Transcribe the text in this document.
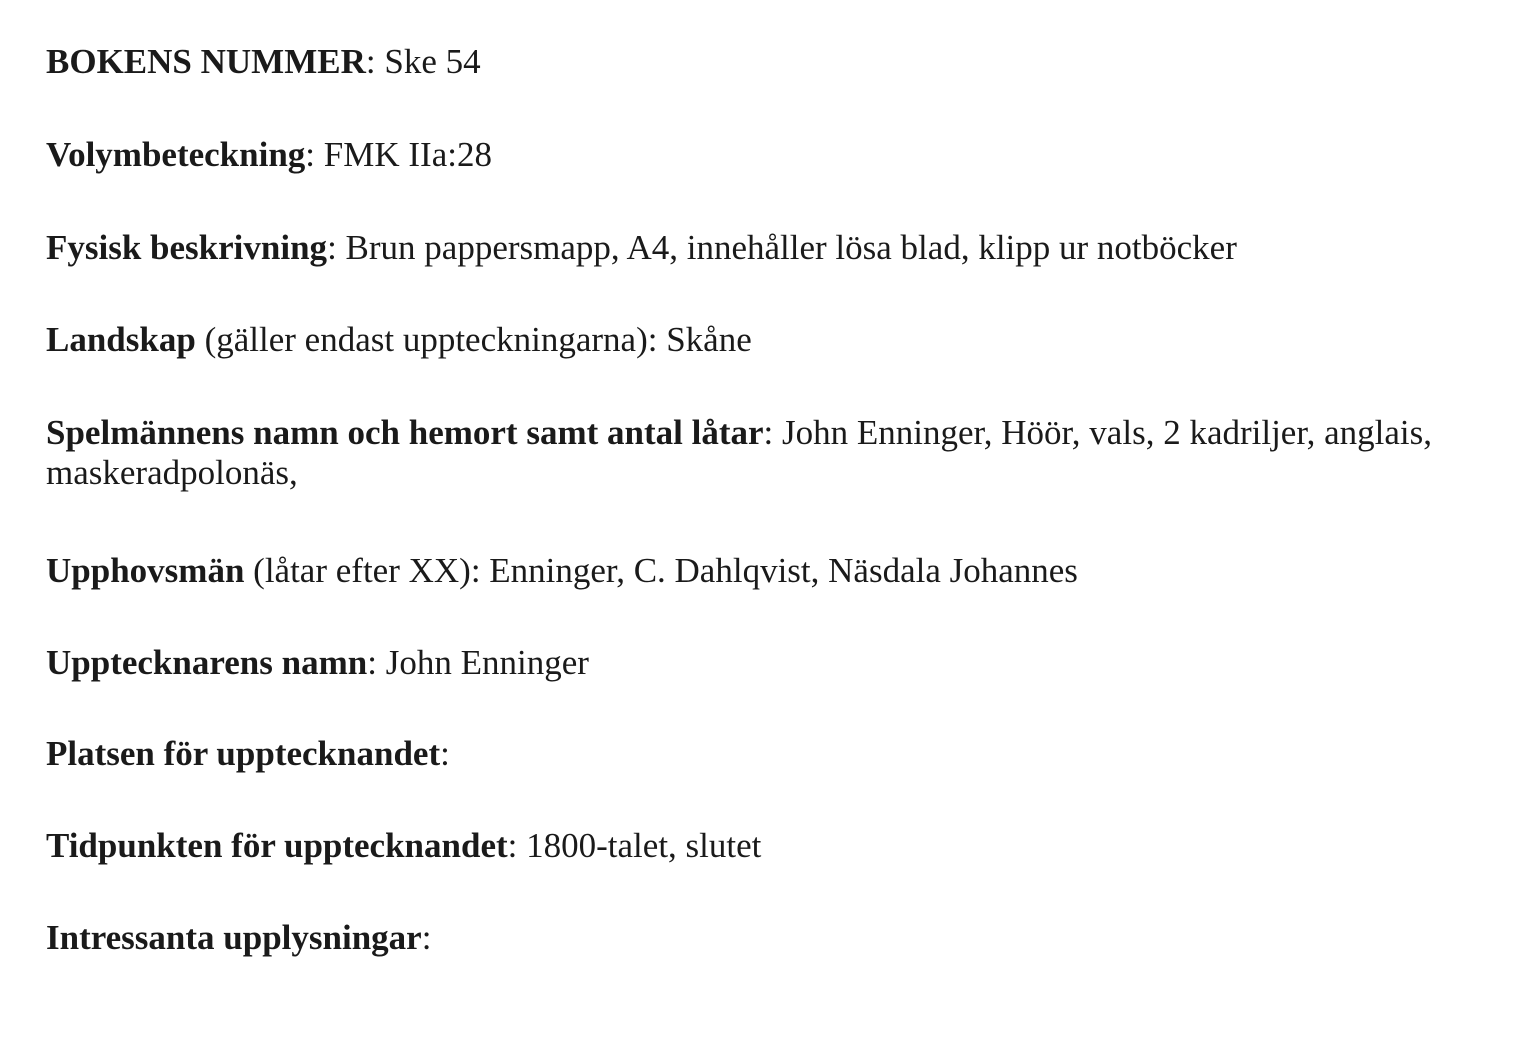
BOKENS NUMMER: Ske 54
Volymbeteckning: FMK IIa:28
Fysisk beskrivning: Brun pappersmapp, A4, innehåller lösa blad, klipp ur notböcker
Landskap (gäller endast uppteckningarna): Skåne
Spelmännens namn och hemort samt antal låtar: John Enninger, Höör, vals, 2 kadriljer, anglais, maskeradpolonäs,
Upphovsmän (låtar efter XX): Enninger, C. Dahlqvist, Näsdala Johannes
Upptecknarens namn: John Enninger
Platsen för upptecknandet:
Tidpunkten för upptecknandet: 1800-talet, slutet
Intressanta upplysningar:
